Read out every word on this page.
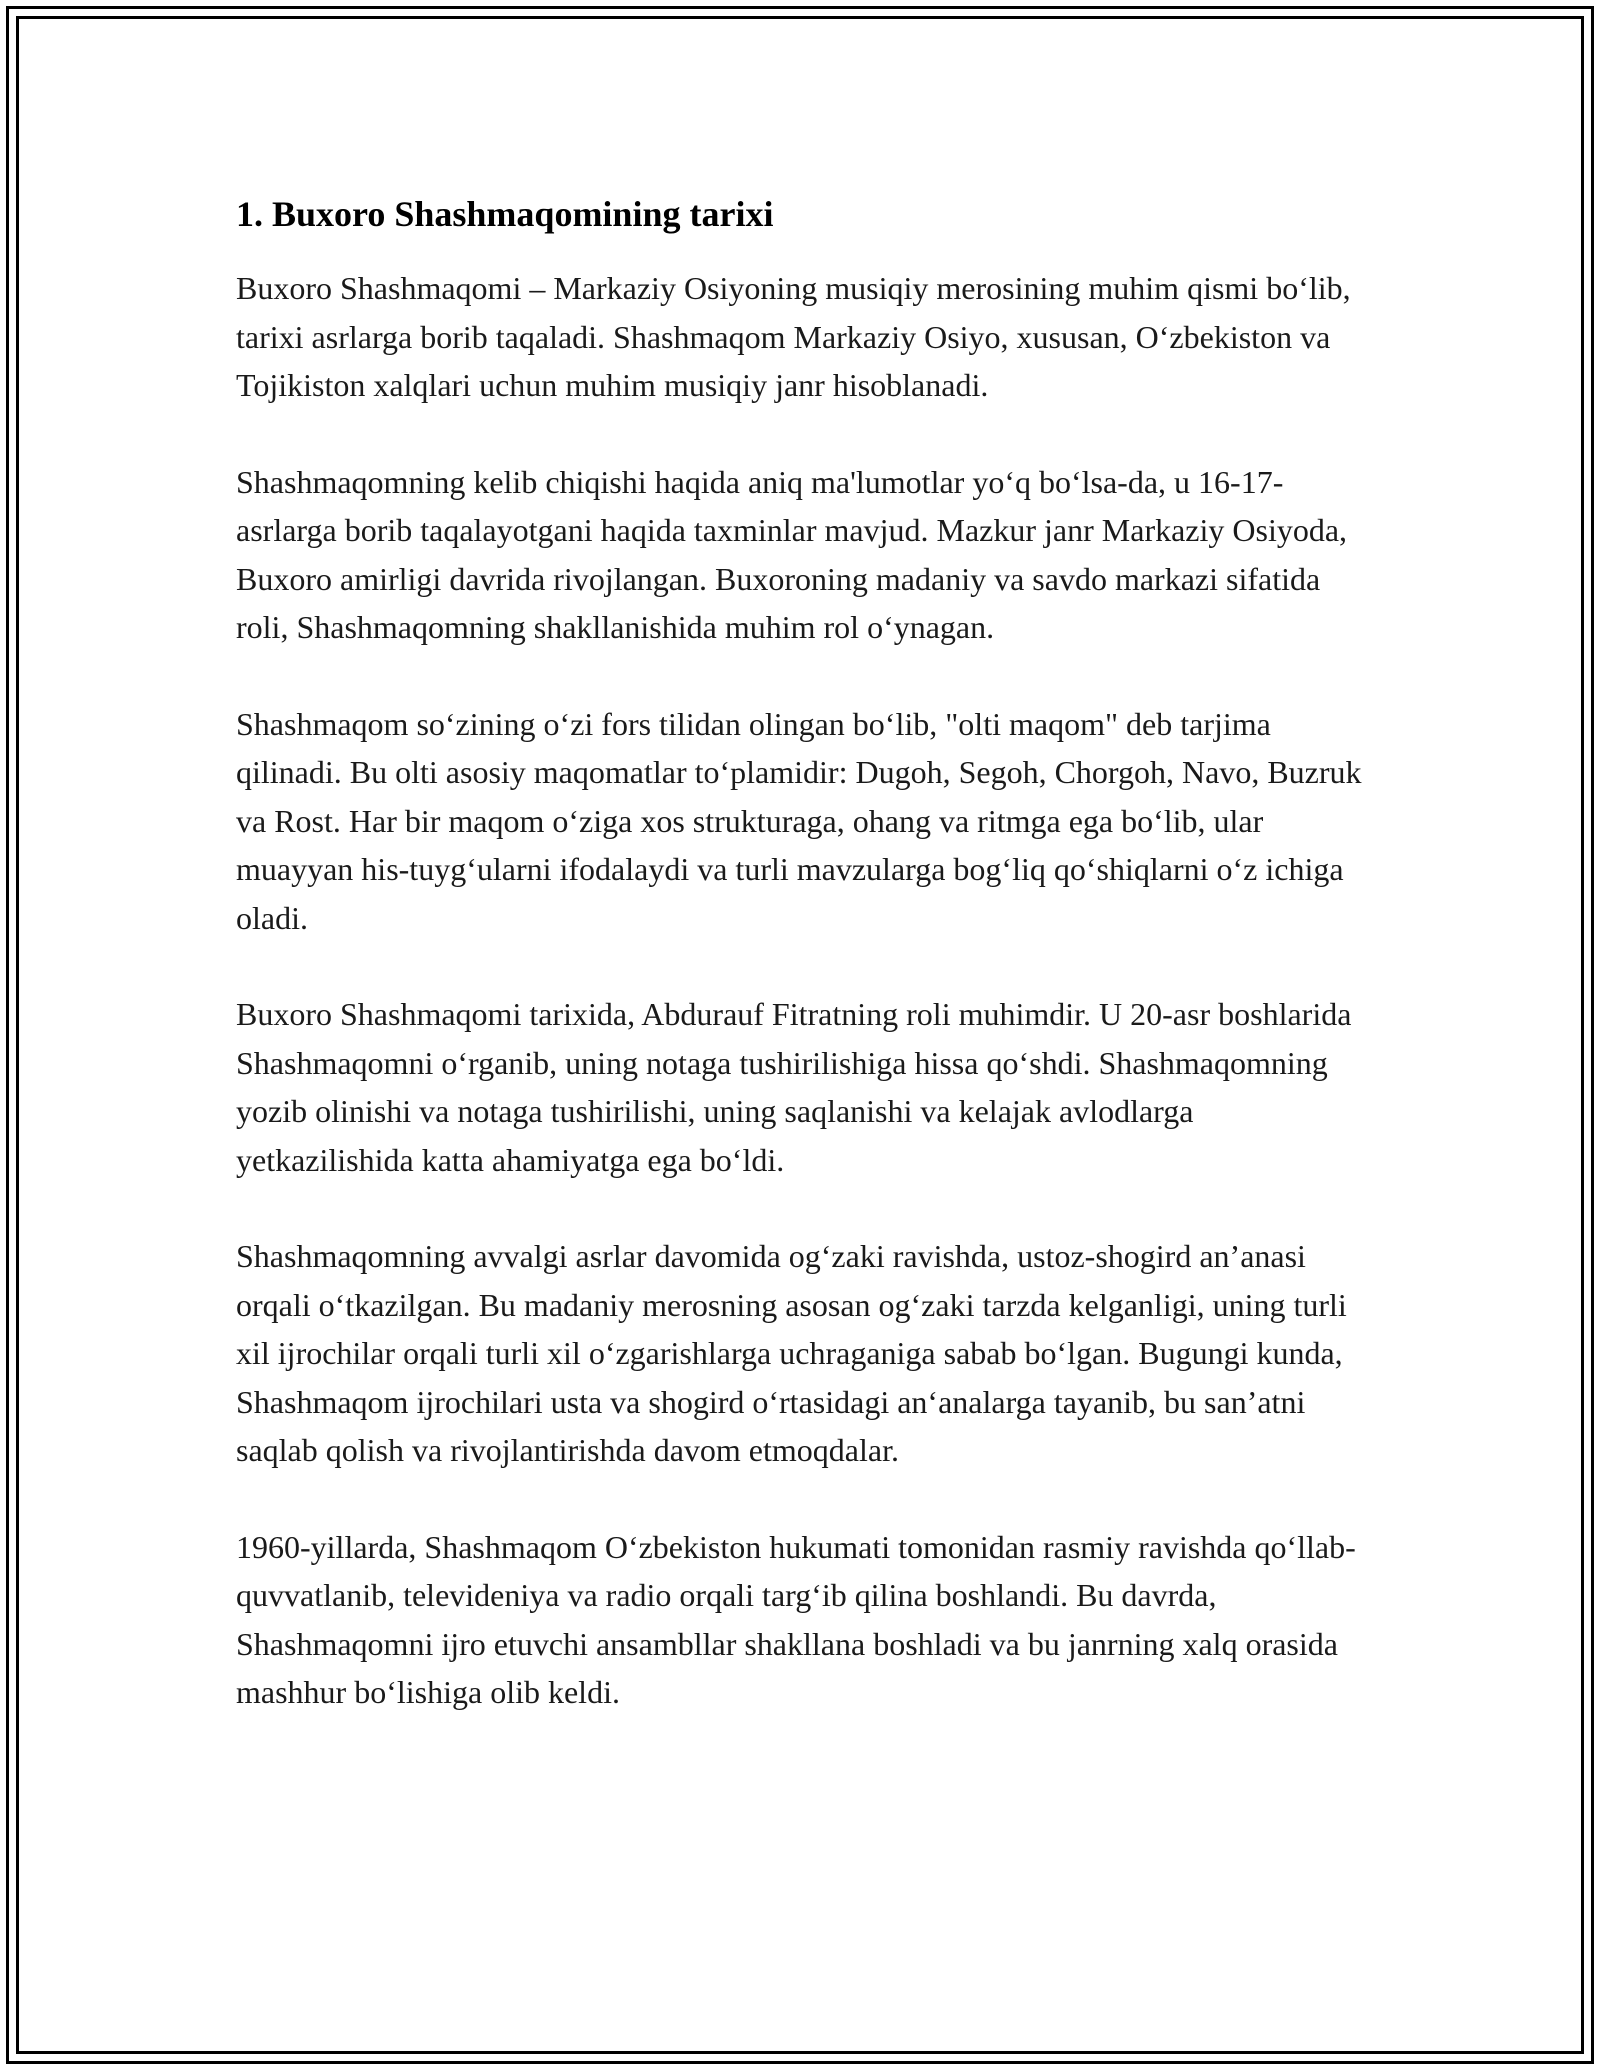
1. Buxoro Shashmaqomining tarixi

Buxoro Shashmaqomi – Markaziy Osiyoning musiqiy merosining muhim qismi bo‘lib, tarixi asrlarga borib taqaladi. Shashmaqom Markaziy Osiyo, xususan, O‘zbekiston va Tojikiston xalqlari uchun muhim musiqiy janr hisoblanadi.

Shashmaqomning kelib chiqishi haqida aniq ma'lumotlar yo‘q bo‘lsa-da, u 16-17-asrlarga borib taqalayotgani haqida taxminlar mavjud. Mazkur janr Markaziy Osiyoda, Buxoro amirligi davrida rivojlangan. Buxoroning madaniy va savdo markazi sifatida roli, Shashmaqomning shakllanishida muhim rol o‘ynagan.

Shashmaqom so‘zining o‘zi fors tilidan olingan bo‘lib, "olti maqom" deb tarjima qilinadi. Bu olti asosiy maqomatlar to‘plamidir: Dugoh, Segoh, Chorgoh, Navo, Buzruk va Rost. Har bir maqom o‘ziga xos strukturaga, ohang va ritmga ega bo‘lib, ular muayyan his-tuyg‘ularni ifodalaydi va turli mavzularga bog‘liq qo‘shiqlarni o‘z ichiga oladi.

Buxoro Shashmaqomi tarixida, Abdurauf Fitratning roli muhimdir. U 20-asr boshlarida Shashmaqomni o‘rganib, uning notaga tushirilishiga hissa qo‘shdi. Shashmaqomning yozib olinishi va notaga tushirilishi, uning saqlanishi va kelajak avlodlarga yetkazilishida katta ahamiyatga ega bo‘ldi.

Shashmaqomning avvalgi asrlar davomida og‘zaki ravishda, ustoz-shogird an’anasi orqali o‘tkazilgan. Bu madaniy merosning asosan og‘zaki tarzda kelganligi, uning turli xil ijrochilar orqali turli xil o‘zgarishlarga uchraganiga sabab bo‘lgan. Bugungi kunda, Shashmaqom ijrochilari usta va shogird o‘rtasidagi an‘analarga tayanib, bu san’atni saqlab qolish va rivojlantirishda davom etmoqdalar.

1960-yillarda, Shashmaqom O‘zbekiston hukumati tomonidan rasmiy ravishda qo‘llab-quvvatlanib, televideniya va radio orqali targ‘ib qilina boshlandi. Bu davrda, Shashmaqomni ijro etuvchi ansambllar shakllana boshladi va bu janrning xalq orasida mashhur bo‘lishiga olib keldi.
